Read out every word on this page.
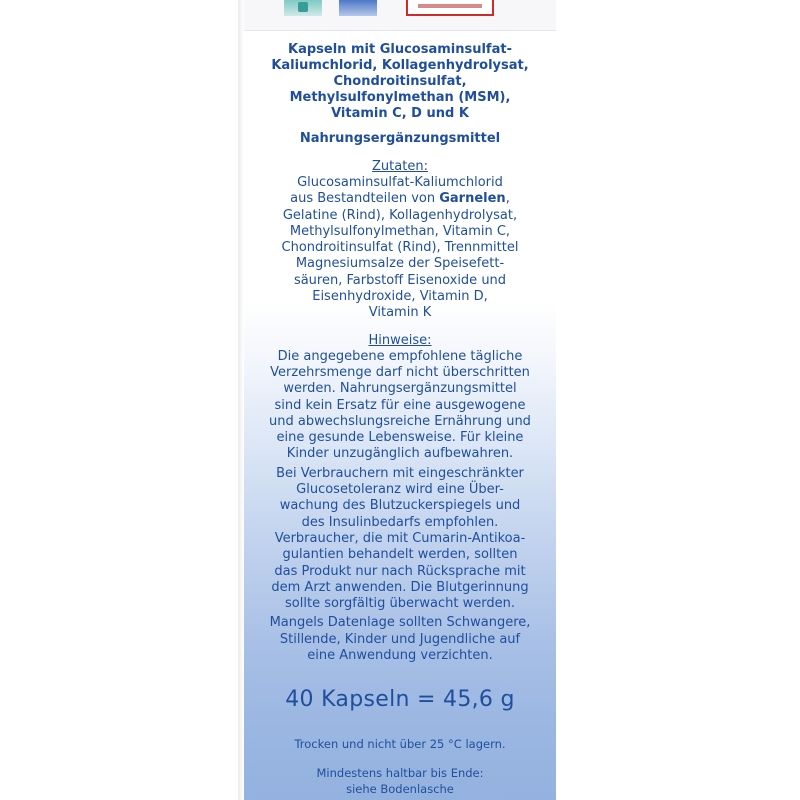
Kapseln mit Glucosaminsulfat-
Kaliumchlorid, Kollagenhydrolysat,
Chondroitinsulfat,
Methylsulfonylmethan (MSM),
Vitamin C, D und K
Nahrungsergänzungsmittel
Zutaten:
Glucosaminsulfat-Kaliumchlorid
aus Bestandteilen von Garnelen,
Gelatine (Rind), Kollagenhydrolysat,
Methylsulfonylmethan, Vitamin C,
Chondroitinsulfat (Rind), Trennmittel
Magnesiumsalze der Speisefett-
säuren, Farbstoff Eisenoxide und
Eisenhydroxide, Vitamin D,
Vitamin K
Hinweise:
Die angegebene empfohlene tägliche
Verzehrsmenge darf nicht überschritten
werden. Nahrungsergänzungsmittel
sind kein Ersatz für eine ausgewogene
und abwechslungsreiche Ernährung und
eine gesunde Lebensweise. Für kleine
Kinder unzugänglich aufbewahren.
Bei Verbrauchern mit eingeschränkter
Glucosetoleranz wird eine Über-
wachung des Blutzuckerspiegels und
des Insulinbedarfs empfohlen.
Verbraucher, die mit Cumarin-Antikoa-
gulantien behandelt werden, sollten
das Produkt nur nach Rücksprache mit
dem Arzt anwenden. Die Blutgerinnung
sollte sorgfältig überwacht werden.
Mangels Datenlage sollten Schwangere,
Stillende, Kinder und Jugendliche auf
eine Anwendung verzichten.
40 Kapseln = 45,6 g
Trocken und nicht über 25 °C lagern.
Mindestens haltbar bis Ende:
siehe Bodenlasche
